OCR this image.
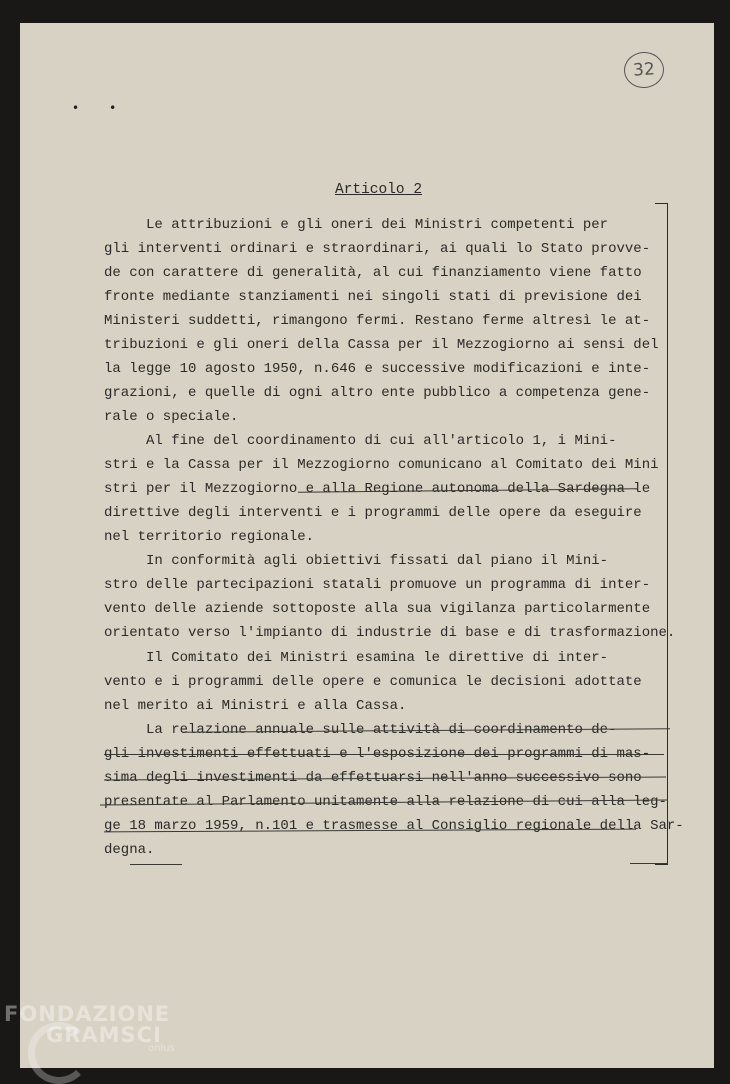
32
••
Articolo 2
Le attribuzioni e gli oneri dei Ministri competenti per
gli interventi ordinari e straordinari, ai quali lo Stato provve-
de con carattere di generalità, al cui finanziamento viene fatto
fronte mediante stanziamenti nei singoli stati di previsione dei
Ministeri suddetti, rimangono fermi. Restano ferme altresì le at-
tribuzioni e gli oneri della Cassa per il Mezzogiorno ai sensi del
la legge 10 agosto 1950, n.646 e successive modificazioni e inte-
grazioni, e quelle di ogni altro ente pubblico a competenza gene-
rale o speciale.
Al fine del coordinamento di cui all'articolo 1, i Mini-
stri e la Cassa per il Mezzogiorno comunicano al Comitato dei Mini
stri per il Mezzogiorno e alla Regione autonoma della Sardegna le
direttive degli interventi e i programmi delle opere da eseguire
nel territorio regionale.
In conformità agli obiettivi fissati dal piano il Mini-
stro delle partecipazioni statali promuove un programma di inter-
vento delle aziende sottoposte alla sua vigilanza particolarmente
orientato verso l'impianto di industrie di base e di trasformazione.
Il Comitato dei Ministri esamina le direttive di inter-
vento e i programmi delle opere e comunica le decisioni adottate
nel merito ai Ministri e alla Cassa.
La relazione annuale sulle attività di coordinamento de-
gli investimenti effettuati e l'esposizione dei programmi di mas-
sima degli investimenti da effettuarsi nell'anno successivo sono
presentate al Parlamento unitamente alla relazione di cui alla leg-
ge 18 marzo 1959, n.101 e trasmesse al Consiglio regionale della Sar-
degna.
FONDAZIONE
GRAMSCI
onlus
